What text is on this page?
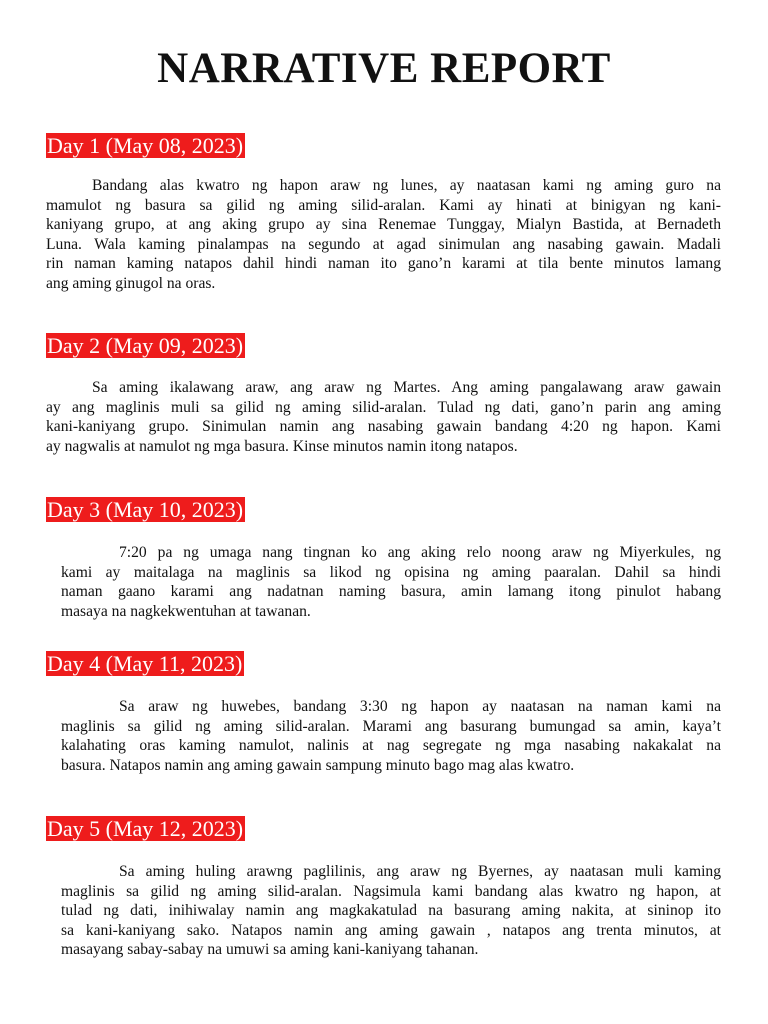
NARRATIVE REPORT
Day 1 (May 08, 2023)
Bandang alas kwatro ng hapon araw ng lunes, ay naatasan kami ng aming guro na
mamulot ng basura sa gilid ng aming silid-aralan. Kami ay hinati at binigyan ng kani-
kaniyang grupo, at ang aking grupo ay sina Renemae Tunggay, Mialyn Bastida, at Bernadeth
Luna. Wala kaming pinalampas na segundo at agad sinimulan ang nasabing gawain. Madali
rin naman kaming natapos dahil hindi naman ito gano’n karami at tila bente minutos lamang
ang aming ginugol na oras.
Day 2 (May 09, 2023)
Sa aming ikalawang araw, ang araw ng Martes. Ang aming pangalawang araw gawain
ay ang maglinis muli sa gilid ng aming silid-aralan. Tulad ng dati, gano’n parin ang aming
kani-kaniyang grupo. Sinimulan namin ang nasabing gawain bandang 4:20 ng hapon. Kami
ay nagwalis at namulot ng mga basura. Kinse minutos namin itong natapos.
Day 3 (May 10, 2023)
7:20 pa ng umaga nang tingnan ko ang aking relo noong araw ng Miyerkules, ng
kami ay maitalaga na maglinis sa likod ng opisina ng aming paaralan. Dahil sa hindi
naman gaano karami ang nadatnan naming basura, amin lamang itong pinulot habang
masaya na nagkekwentuhan at tawanan.
Day 4 (May 11, 2023)
Sa araw ng huwebes, bandang 3:30 ng hapon ay naatasan na naman kami na
maglinis sa gilid ng aming silid-aralan. Marami ang basurang bumungad sa amin, kaya’t
kalahating oras kaming namulot, nalinis at nag segregate ng mga nasabing nakakalat na
basura. Natapos namin ang aming gawain sampung minuto bago mag alas kwatro.
Day 5 (May 12, 2023)
Sa aming huling arawng paglilinis, ang araw ng Byernes, ay naatasan muli kaming
maglinis sa gilid ng aming silid-aralan. Nagsimula kami bandang alas kwatro ng hapon, at
tulad ng dati, inihiwalay namin ang magkakatulad na basurang aming nakita, at sininop ito
sa kani-kaniyang sako. Natapos namin ang aming gawain , natapos ang trenta minutos, at
masayang sabay-sabay na umuwi sa aming kani-kaniyang tahanan.
